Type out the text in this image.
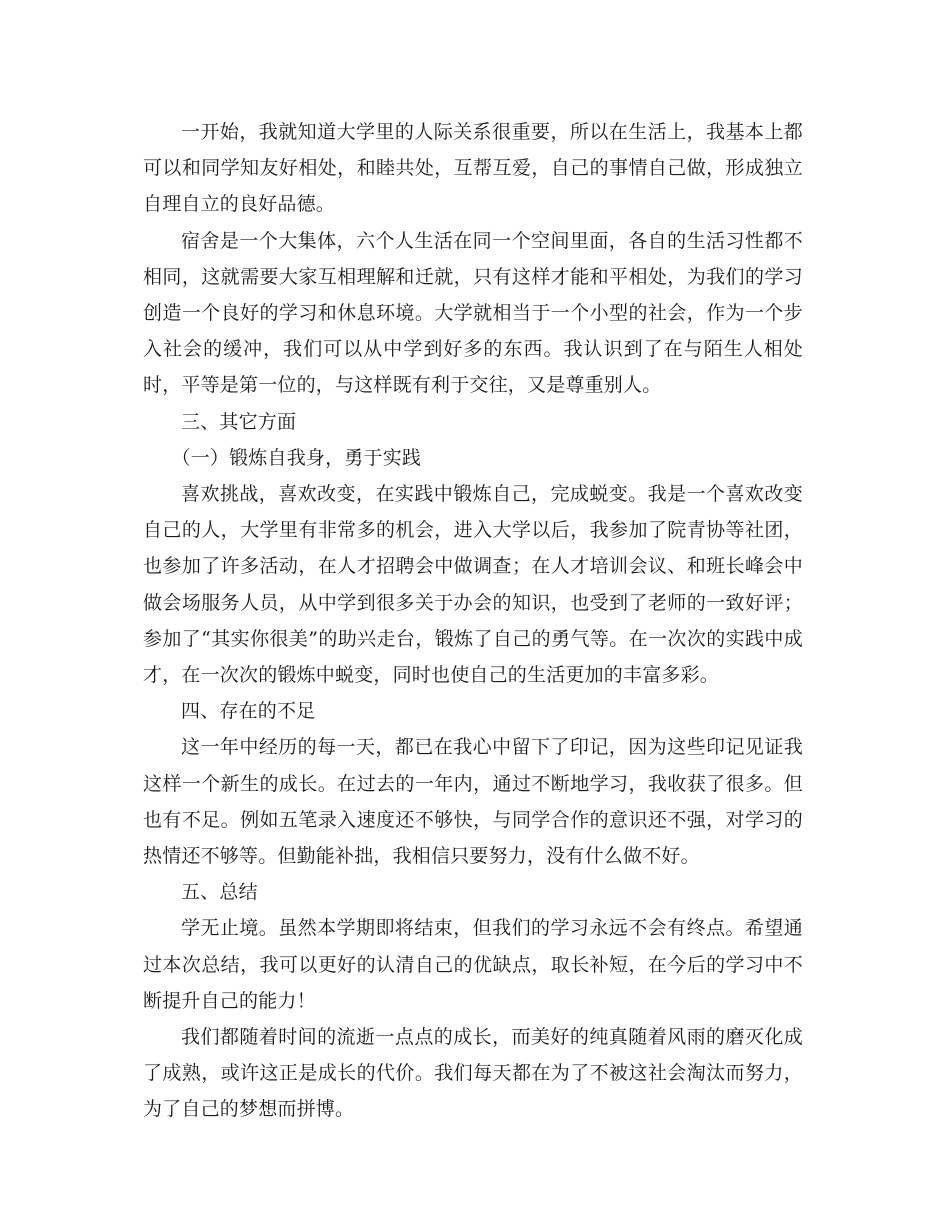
一开始，我就知道大学里的人际关系很重要，所以在生活上，我基本上都可以和同学知友好相处，和睦共处，互帮互爱，自己的事情自己做，形成独立自理自立的良好品德。

宿舍是一个大集体，六个人生活在同一个空间里面，各自的生活习性都不相同，这就需要大家互相理解和迁就，只有这样才能和平相处，为我们的学习创造一个良好的学习和休息环境。大学就相当于一个小型的社会，作为一个步入社会的缓冲，我们可以从中学到好多的东西。我认识到了在与陌生人相处时，平等是第一位的，与这样既有利于交往，又是尊重别人。

三、其它方面

（一）锻炼自我身，勇于实践

喜欢挑战，喜欢改变，在实践中锻炼自己，完成蜕变。我是一个喜欢改变自己的人，大学里有非常多的机会，进入大学以后，我参加了院青协等社团，也参加了许多活动，在人才招聘会中做调查；在人才培训会议、和班长峰会中做会场服务人员，从中学到很多关于办会的知识，也受到了老师的一致好评；参加了“其实你很美”的助兴走台，锻炼了自己的勇气等。在一次次的实践中成才，在一次次的锻炼中蜕变，同时也使自己的生活更加的丰富多彩。

四、存在的不足

这一年中经历的每一天，都已在我心中留下了印记，因为这些印记见证我这样一个新生的成长。在过去的一年内，通过不断地学习，我收获了很多。但也有不足。例如五笔录入速度还不够快，与同学合作的意识还不强，对学习的热情还不够等。但勤能补拙，我相信只要努力，没有什么做不好。

五、总结

学无止境。虽然本学期即将结束，但我们的学习永远不会有终点。希望通过本次总结，我可以更好的认清自己的优缺点，取长补短，在今后的学习中不断提升自己的能力！

我们都随着时间的流逝一点点的成长，而美好的纯真随着风雨的磨灭化成了成熟，或许这正是成长的代价。我们每天都在为了不被这社会淘汰而努力，为了自己的梦想而拼博。
